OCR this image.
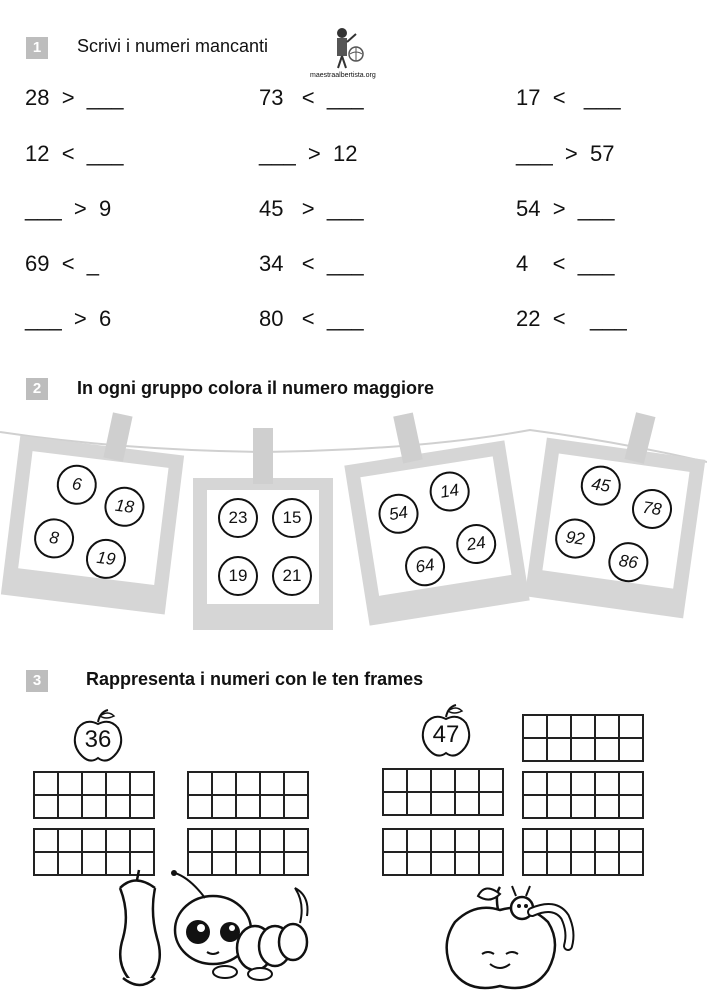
1	Scrivi i numeri mancanti
maestraalbertista.org
28  >  ___	73   <  ___	17  <   ___
12  <  ___	___  >  12	___  >  57
___  >  9	45   >  ___	54  >  ___
69  <  _	34   <  ___	4    <  ___
___  >  6	80   <  ___	22  <    ___
2	In ogni gruppo colora il numero maggiore
6
18
8
19
23	15
19	21
54
14
64
24
45
78
92
86
3	Rappresenta i numeri con le ten frames
36	47
